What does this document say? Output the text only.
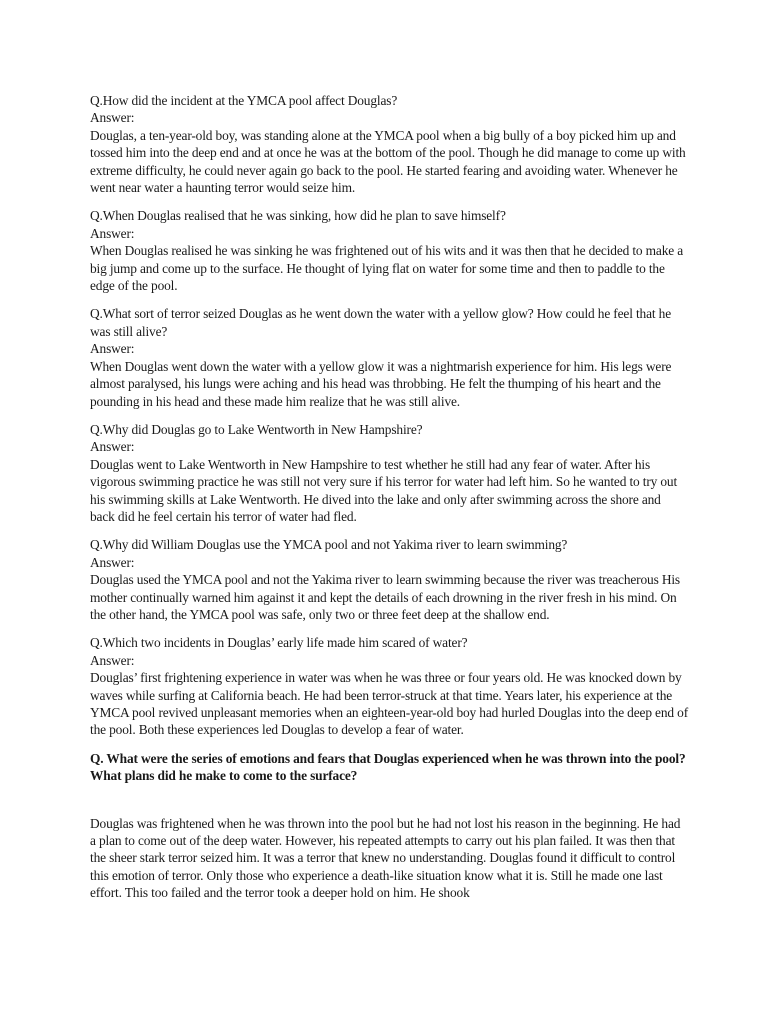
Q.How did the incident at the YMCA pool affect Douglas?

Answer:

Douglas, a ten-year-old boy, was standing alone at the YMCA pool when a big bully of a boy picked him up and tossed him into the deep end and at once he was at the bottom of the pool. Though he did manage to come up with extreme difficulty, he could never again go back to the pool. He started fearing and avoiding water. Whenever he went near water a haunting terror would seize him.

Q.When Douglas realised that he was sinking, how did he plan to save himself?

Answer:

When Douglas realised he was sinking he was frightened out of his wits and it was then that he decided to make a big jump and come up to the surface. He thought of lying flat on water for some time and then to paddle to the edge of the pool.

Q.What sort of terror seized Douglas as he went down the water with a yellow glow? How could he feel that he was still alive?

Answer:

When Douglas went down the water with a yellow glow it was a nightmarish experience for him. His legs were almost paralysed, his lungs were aching and his head was throbbing. He felt the thumping of his heart and the pounding in his head and these made him realize that he was still alive.

Q.Why did Douglas go to Lake Wentworth in New Hampshire?

Answer:

Douglas went to Lake Wentworth in New Hampshire to test whether he still had any fear of water. After his vigorous swimming practice he was still not very sure if his terror for water had left him. So he wanted to try out his swimming skills at Lake Wentworth. He dived into the lake and only after swimming across the shore and back did he feel certain his terror of water had fled.

Q.Why did William Douglas use the YMCA pool and not Yakima river to learn swimming?

Answer:

Douglas used the YMCA pool and not the Yakima river to learn swimming because the river was treacherous His mother continually warned him against it and kept the details of each drowning in the river fresh in his mind. On the other hand, the YMCA pool was safe, only two or three feet deep at the shallow end.

Q.Which two incidents in Douglas’ early life made him scared of water?

Answer:

Douglas’ first frightening experience in water was when he was three or four years old. He was knocked down by waves while surfing at California beach. He had been terror-struck at that time. Years later, his experience at the YMCA pool revived unpleasant memories when an eighteen-year-old boy had hurled Douglas into the deep end of the pool. Both these experiences led Douglas to develop a fear of water.

Q. What were the series of emotions and fears that Douglas experienced when he was thrown into the pool? What plans did he make to come to the surface?

Douglas was frightened when he was thrown into the pool but he had not lost his reason in the beginning. He had a plan to come out of the deep water. However, his repeated attempts to carry out his plan failed. It was then that the sheer stark terror seized him. It was a terror that knew no understanding. Douglas found it difficult to control this emotion of terror. Only those who experience a death-like situation know what it is. Still he made one last effort. This too failed and the terror took a deeper hold on him. He shook
